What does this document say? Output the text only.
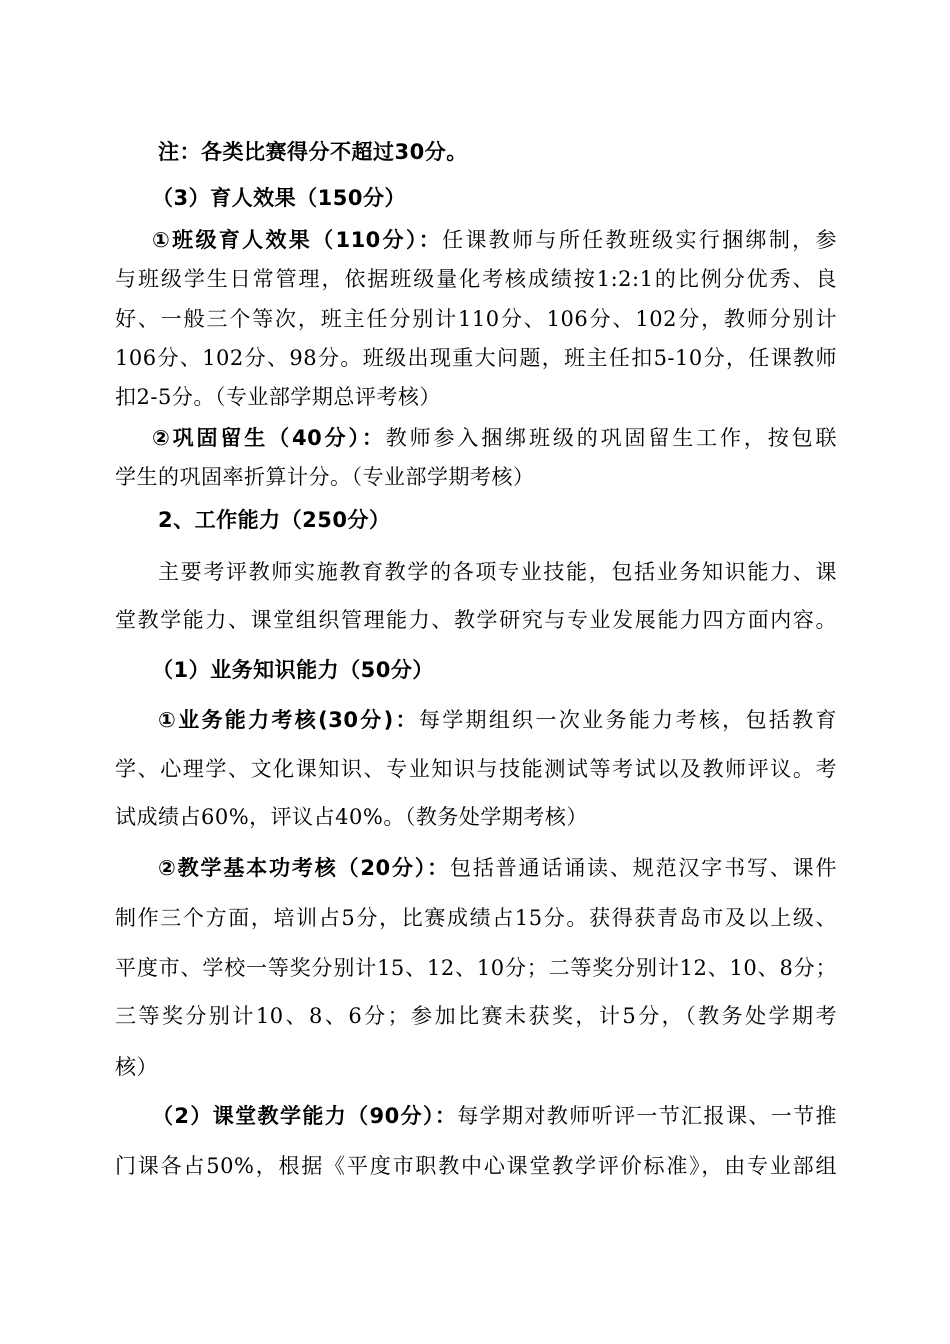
注：各类比赛得分不超过30分。
（3）育人效果（150分）
①班级育人效果（110分）：任课教师与所任教班级实行捆绑制，参
与班级学生日常管理，依据班级量化考核成绩按1:2:1的比例分优秀、良
好、一般三个等次，班主任分别计110分、106分、102分，教师分别计
106分、102分、98分。班级出现重大问题，班主任扣5-10分，任课教师
扣2-5分。（专业部学期总评考核）
②巩固留生（40分）：教师参入捆绑班级的巩固留生工作，按包联
学生的巩固率折算计分。（专业部学期考核）
2、工作能力（250分）
主要考评教师实施教育教学的各项专业技能，包括业务知识能力、课
堂教学能力、课堂组织管理能力、教学研究与专业发展能力四方面内容。
（1）业务知识能力（50分）
①业务能力考核(30分)：每学期组织一次业务能力考核，包括教育
学、心理学、文化课知识、专业知识与技能测试等考试以及教师评议。考
试成绩占60%，评议占40%。（教务处学期考核）
②教学基本功考核（20分）：包括普通话诵读、规范汉字书写、课件
制作三个方面，培训占5分，比赛成绩占15分。获得获青岛市及以上级、
平度市、学校一等奖分别计15、12、10分；二等奖分别计12、10、8分；
三等奖分别计10、8、6分；参加比赛未获奖，计5分，（教务处学期考
核）
（2）课堂教学能力（90分）：每学期对教师听评一节汇报课、一节推
门课各占50%，根据《平度市职教中心课堂教学评价标准》，由专业部组
